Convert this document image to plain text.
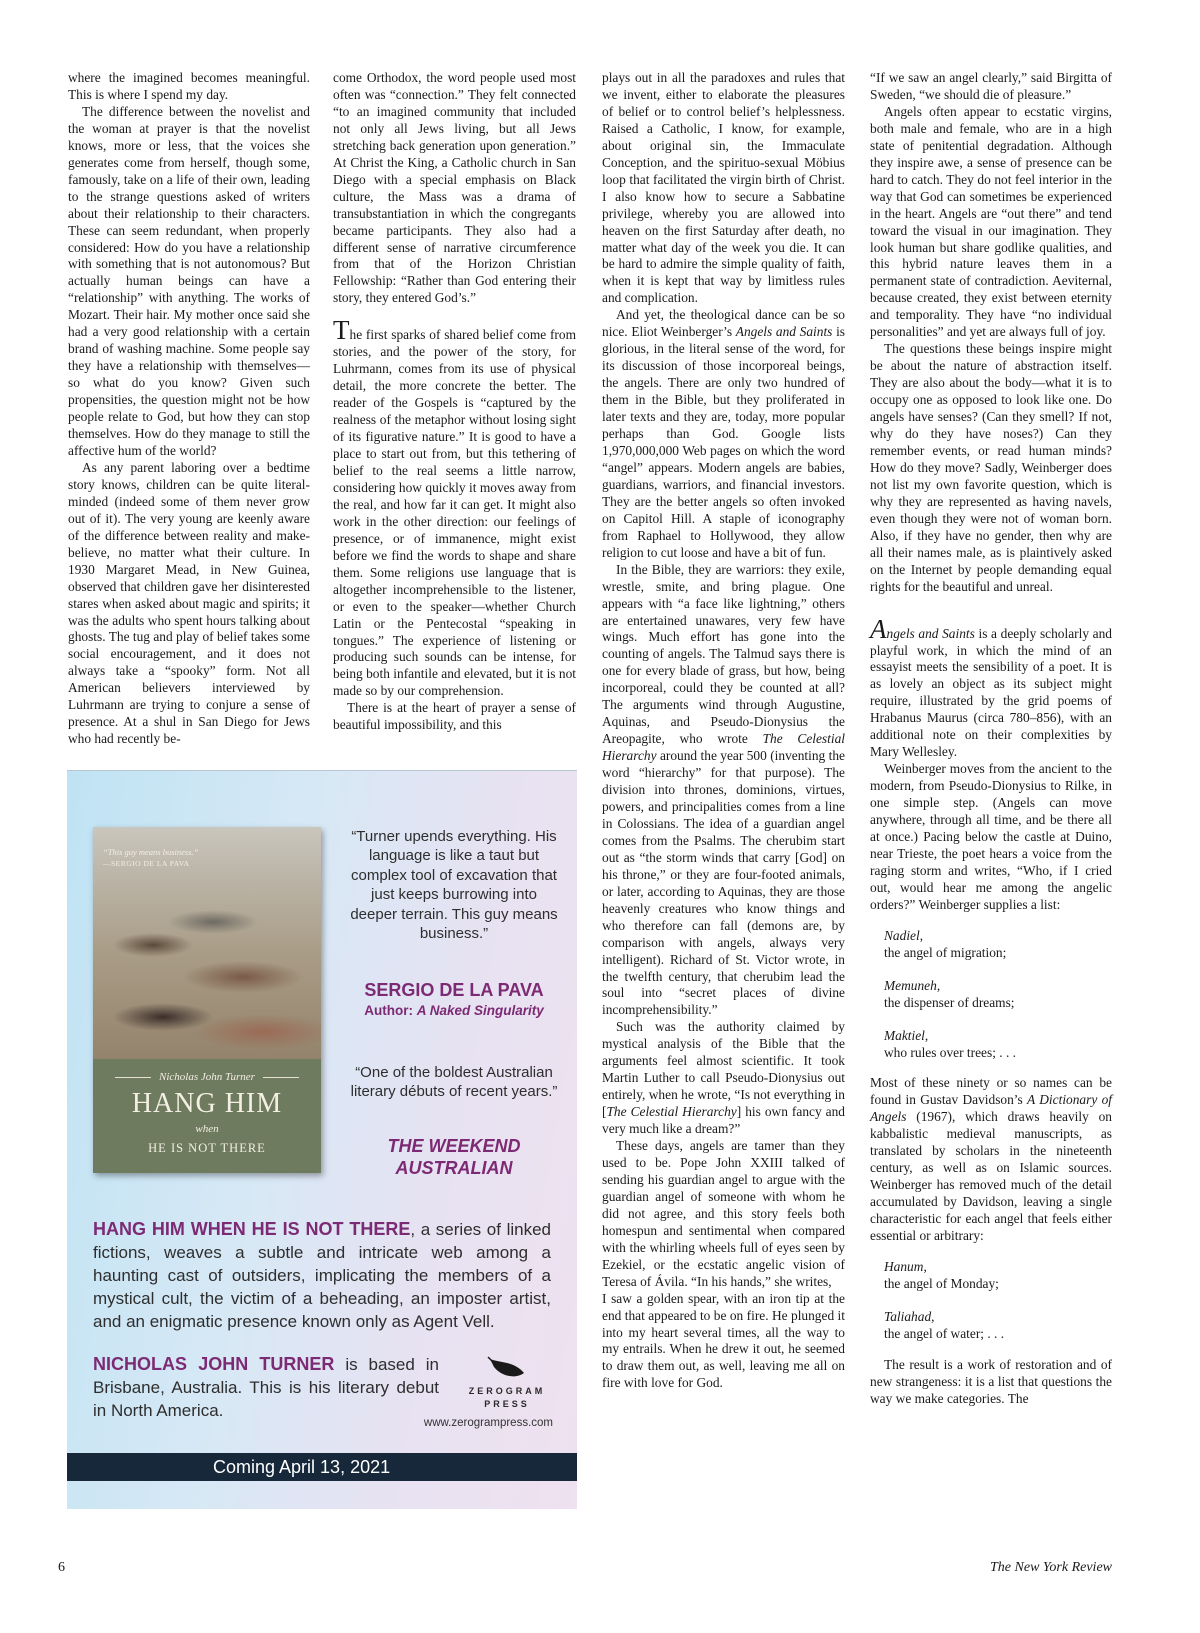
where the imagined becomes meaningful. This is where I spend my day.

The difference between the novelist and the woman at prayer is that the novelist knows, more or less, that the voices she generates come from herself, though some, famously, take on a life of their own, leading to the strange questions asked of writers about their relationship to their characters. These can seem redundant, when properly considered: How do you have a relationship with something that is not autonomous? But actually human beings can have a “relationship” with anything. The works of Mozart. Their hair. My mother once said she had a very good relationship with a certain brand of washing machine. Some people say they have a relationship with themselves—so what do you know? Given such propensities, the question might not be how people relate to God, but how they can stop themselves. How do they manage to still the affective hum of the world?

As any parent laboring over a bedtime story knows, children can be quite literal-minded (indeed some of them never grow out of it). The very young are keenly aware of the difference between reality and make-believe, no matter what their culture. In 1930 Margaret Mead, in New Guinea, observed that children gave her disinterested stares when asked about magic and spirits; it was the adults who spent hours talking about ghosts. The tug and play of belief takes some social encouragement, and it does not always take a “spooky” form. Not all American believers interviewed by Luhrmann are trying to conjure a sense of presence. At a shul in San Diego for Jews who had recently be-

come Orthodox, the word people used most often was “connection.” They felt connected “to an imagined community that included not only all Jews living, but all Jews stretching back generation upon generation.” At Christ the King, a Catholic church in San Diego with a special emphasis on Black culture, the Mass was a drama of transubstantiation in which the congregants became participants. They also had a different sense of narrative circumference from that of the Horizon Christian Fellowship: “Rather than God entering their story, they entered God’s.”

The first sparks of shared belief come from stories, and the power of the story, for Luhrmann, comes from its use of physical detail, the more concrete the better. The reader of the Gospels is “captured by the realness of the metaphor without losing sight of its figurative nature.” It is good to have a place to start out from, but this tethering of belief to the real seems a little narrow, considering how quickly it moves away from the real, and how far it can get. It might also work in the other direction: our feelings of presence, or of immanence, might exist before we find the words to shape and share them. Some religions use language that is altogether incomprehensible to the listener, or even to the speaker—whether Church Latin or the Pentecostal “speaking in tongues.” The experience of listening or producing such sounds can be intense, for being both infantile and elevated, but it is not made so by our comprehension.

There is at the heart of prayer a sense of beautiful impossibility, and this

plays out in all the paradoxes and rules that we invent, either to elaborate the pleasures of belief or to control belief’s helplessness. Raised a Catholic, I know, for example, about original sin, the Immaculate Conception, and the spirituo-sexual Möbius loop that facilitated the virgin birth of Christ. I also know how to secure a Sabbatine privilege, whereby you are allowed into heaven on the first Saturday after death, no matter what day of the week you die. It can be hard to admire the simple quality of faith, when it is kept that way by limitless rules and complication.

And yet, the theological dance can be so nice. Eliot Weinberger’s Angels and Saints is glorious, in the literal sense of the word, for its discussion of those incorporeal beings, the angels. There are only two hundred of them in the Bible, but they proliferated in later texts and they are, today, more popular perhaps than God. Google lists 1,970,000,000 Web pages on which the word “angel” appears. Modern angels are babies, guardians, warriors, and financial investors. They are the better angels so often invoked on Capitol Hill. A staple of iconography from Raphael to Hollywood, they allow religion to cut loose and have a bit of fun.

In the Bible, they are warriors: they exile, wrestle, smite, and bring plague. One appears with “a face like lightning,” others are entertained unawares, very few have wings. Much effort has gone into the counting of angels. The Talmud says there is one for every blade of grass, but how, being incorporeal, could they be counted at all? The arguments wind through Augustine, Aquinas, and Pseudo-Dionysius the Areopagite, who wrote The Celestial Hierarchy around the year 500 (inventing the word “hierarchy” for that purpose). The division into thrones, dominions, virtues, powers, and principalities comes from a line in Colossians. The idea of a guardian angel comes from the Psalms. The cherubim start out as “the storm winds that carry [God] on his throne,” or they are four-footed animals, or later, according to Aquinas, they are those heavenly creatures who know things and who therefore can fall (demons are, by comparison with angels, always very intelligent). Richard of St. Victor wrote, in the twelfth century, that cherubim lead the soul into “secret places of divine incomprehensibility.”

Such was the authority claimed by mystical analysis of the Bible that the arguments feel almost scientific. It took Martin Luther to call Pseudo-Dionysius out entirely, when he wrote, “Is not everything in [The Celestial Hierarchy] his own fancy and very much like a dream?”

These days, angels are tamer than they used to be. Pope John XXIII talked of sending his guardian angel to argue with the guardian angel of someone with whom he did not agree, and this story feels both homespun and sentimental when compared with the whirling wheels full of eyes seen by Ezekiel, or the ecstatic angelic vision of Teresa of Ávila. “In his hands,” she writes,

I saw a golden spear, with an iron tip at the end that appeared to be on fire. He plunged it into my heart several times, all the way to my entrails. When he drew it out, he seemed to draw them out, as well, leaving me all on fire with love for God.

“If we saw an angel clearly,” said Birgitta of Sweden, “we should die of pleasure.”

Angels often appear to ecstatic virgins, both male and female, who are in a high state of penitential degradation. Although they inspire awe, a sense of presence can be hard to catch. They do not feel interior in the way that God can sometimes be experienced in the heart. Angels are “out there” and tend toward the visual in our imagination. They look human but share godlike qualities, and this hybrid nature leaves them in a permanent state of contradiction. Aeviternal, because created, they exist between eternity and temporality. They have “no individual personalities” and yet are always full of joy.

The questions these beings inspire might be about the nature of abstraction itself. They are also about the body—what it is to occupy one as opposed to look like one. Do angels have senses? (Can they smell? If not, why do they have noses?) Can they remember events, or read human minds? How do they move? Sadly, Weinberger does not list my own favorite question, which is why they are represented as having navels, even though they were not of woman born. Also, if they have no gender, then why are all their names male, as is plaintively asked on the Internet by people demanding equal rights for the beautiful and unreal.

Angels and Saints is a deeply scholarly and playful work, in which the mind of an essayist meets the sensibility of a poet. It is as lovely an object as its subject might require, illustrated by the grid poems of Hrabanus Maurus (circa 780–856), with an additional note on their complexities by Mary Wellesley.

Weinberger moves from the ancient to the modern, from Pseudo-Dionysius to Rilke, in one simple step. (Angels can move anywhere, through all time, and be there all at once.) Pacing below the castle at Duino, near Trieste, the poet hears a voice from the raging storm and writes, “Who, if I cried out, would hear me among the angelic orders?” Weinberger supplies a list:

Nadiel,
the angel of migration;
Memuneh,
the dispenser of dreams;
Maktiel,
who rules over trees; . . .

Most of these ninety or so names can be found in Gustav Davidson’s A Dictionary of Angels (1967), which draws heavily on kabbalistic medieval manuscripts, as translated by scholars in the nineteenth century, as well as on Islamic sources. Weinberger has removed much of the detail accumulated by Davidson, leaving a single characteristic for each angel that feels either essential or arbitrary:

Hanum,
the angel of Monday;
Taliahad,
the angel of water; . . .

The result is a work of restoration and of new strangeness: it is a list that questions the way we make categories. The

“This guy means business.”
—SERGIO DE LA PAVA
Nicholas John Turner
HANG HIM
when
HE IS NOT THERE
“Turner upends everything. His language is like a taut but complex tool of excavation that just keeps burrowing into deeper terrain. This guy means business.”
SERGIO DE LA PAVA
Author: A Naked Singularity
“One of the boldest Australian literary débuts of recent years.”
THE WEEKEND AUSTRALIAN
HANG HIM WHEN HE IS NOT THERE, a series of linked fictions, weaves a subtle and intricate web among a haunting cast of outsiders, implicating the members of a mystical cult, the victim of a beheading, an imposter artist, and an enigmatic presence known only as Agent Vell.
NICHOLAS JOHN TURNER is based in Brisbane, Australia. This is his literary debut in North America.
ZEROGRAM
PRESS
www.zerogrampress.com
Coming April 13, 2021
6	The New York Review
